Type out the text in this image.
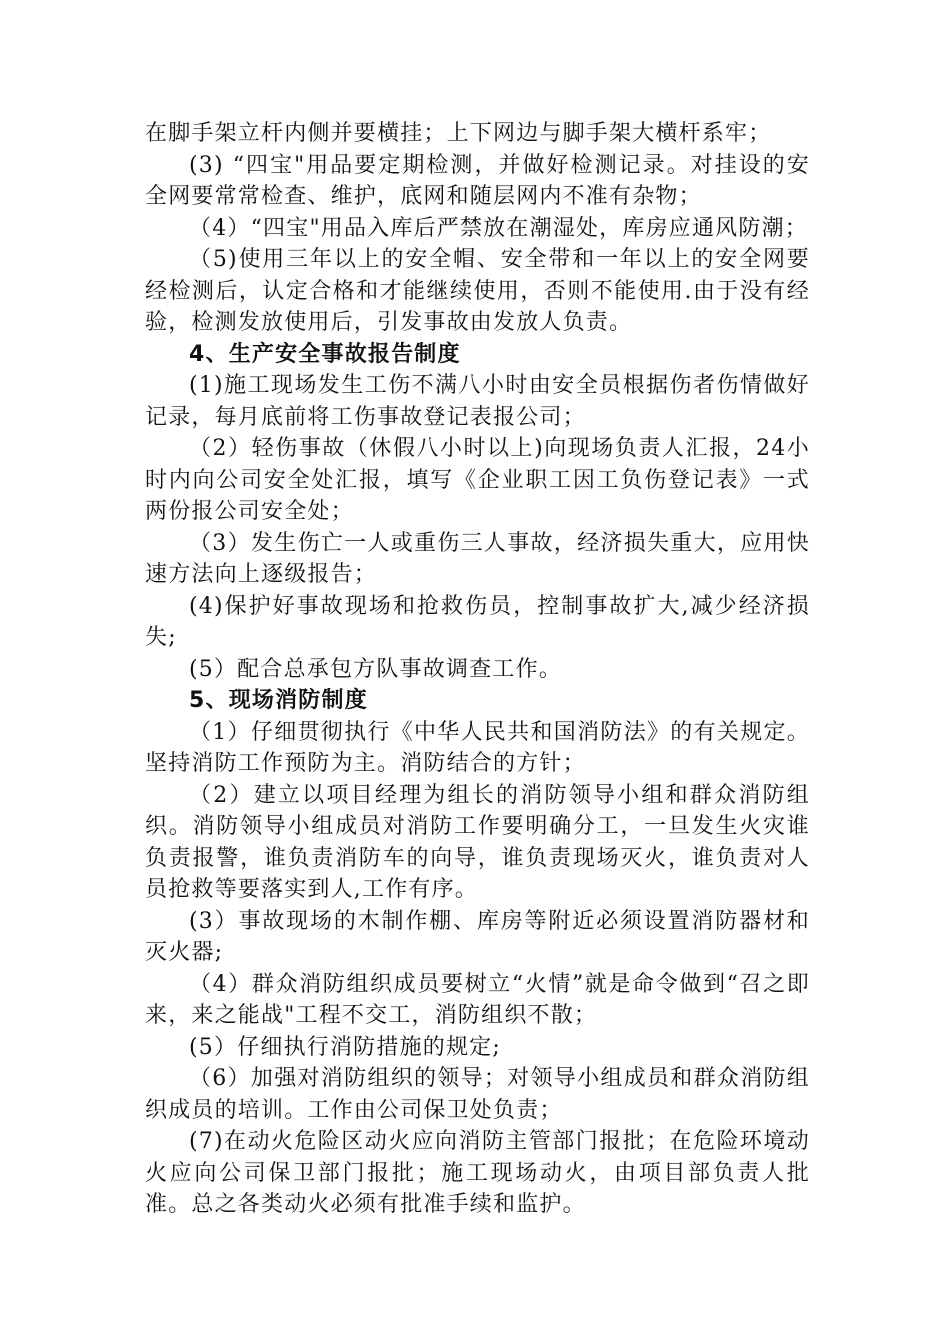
在脚手架立杆内侧并要横挂；上下网边与脚手架大横杆系牢；

(3) “四宝"用品要定期检测，并做好检测记录。对挂设的安全网要常常检查、维护，底网和随层网内不准有杂物；

（4）“四宝"用品入库后严禁放在潮湿处，库房应通风防潮；

（5)使用三年以上的安全帽、安全带和一年以上的安全网要经检测后，认定合格和才能继续使用，否则不能使用.由于没有经验，检测发放使用后，引发事故由发放人负责。

4、生产安全事故报告制度

(1)施工现场发生工伤不满八小时由安全员根据伤者伤情做好记录，每月底前将工伤事故登记表报公司；

（2）轻伤事故（休假八小时以上)向现场负责人汇报，24小时内向公司安全处汇报，填写《企业职工因工负伤登记表》一式两份报公司安全处；

（3）发生伤亡一人或重伤三人事故，经济损失重大，应用快速方法向上逐级报告；

(4)保护好事故现场和抢救伤员，控制事故扩大,减少经济损失;

(5）配合总承包方队事故调查工作。

5、现场消防制度

（1）仔细贯彻执行《中华人民共和国消防法》的有关规定。坚持消防工作预防为主。消防结合的方针；

（2）建立以项目经理为组长的消防领导小组和群众消防组织。消防领导小组成员对消防工作要明确分工，一旦发生火灾谁负责报警，谁负责消防车的向导，谁负责现场灭火，谁负责对人员抢救等要落实到人,工作有序。

(3）事故现场的木制作棚、库房等附近必须设置消防器材和灭火器;

（4）群众消防组织成员要树立“火情”就是命令做到“召之即来，来之能战"工程不交工，消防组织不散；

(5）仔细执行消防措施的规定;

（6）加强对消防组织的领导；对领导小组成员和群众消防组织成员的培训。工作由公司保卫处负责；

(7)在动火危险区动火应向消防主管部门报批；在危险环境动火应向公司保卫部门报批；施工现场动火，由项目部负责人批准。总之各类动火必须有批准手续和监护。
